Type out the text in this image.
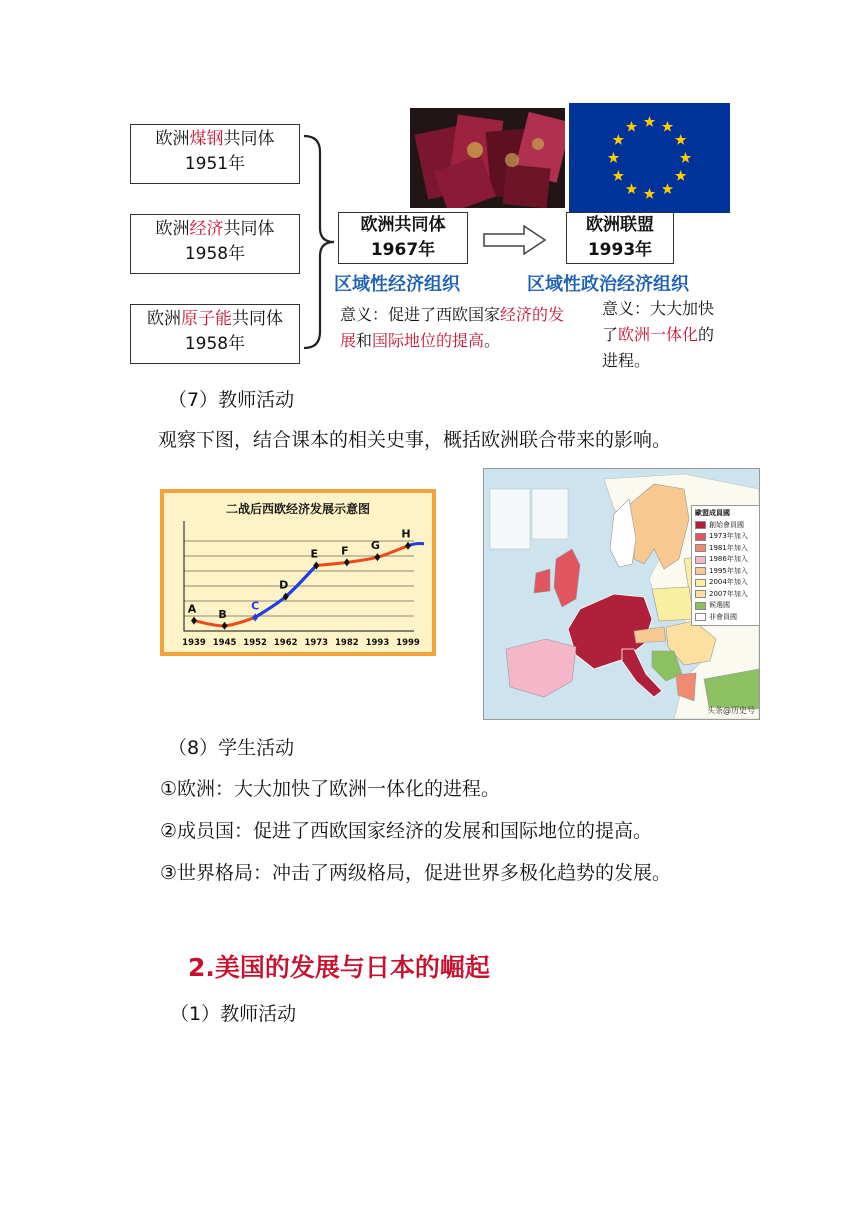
欧洲煤钢共同体
1951年
欧洲经济共同体
1958年
欧洲原子能共同体
1958年
欧洲共同体
1967年
欧洲联盟
1993年
区域性经济组织	区域性政治经济组织
意义：促进了西欧国家经济的发展和国际地位的提高。
意义：大大加快了欧洲一体化的进程。
（7）教师活动
观察下图，结合课本的相关史事，概括欧洲联合带来的影响。
二战后西欧经济发展示意图
A
1939
B
1945
C
1952
D
1962
E
1973
F
1982
G
1993
H
1999
歐盟成員國
創始會員國
1973年加入
1981年加入
1986年加入
1995年加入
2004年加入
2007年加入
候選國
非會員國
头条@历史号
（8）学生活动
①欧洲：大大加快了欧洲一体化的进程。
②成员国：促进了西欧国家经济的发展和国际地位的提高。
③世界格局：冲击了两级格局，促进世界多极化趋势的发展。
2.美国的发展与日本的崛起
（1）教师活动
